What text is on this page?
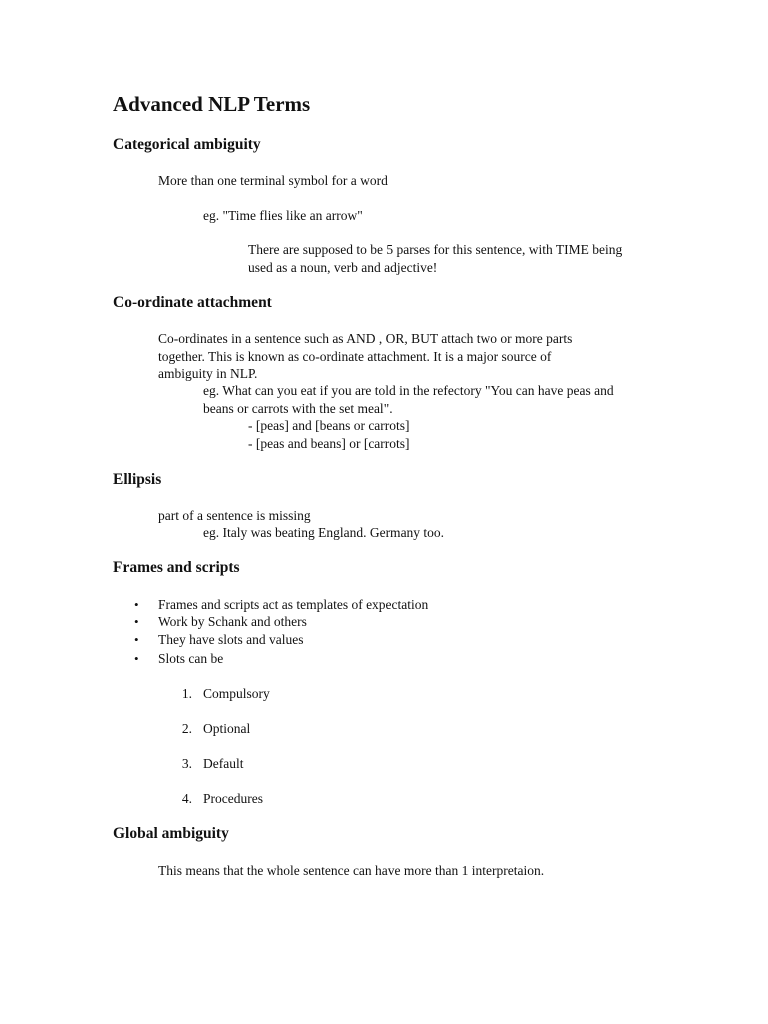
Advanced NLP Terms
Categorical ambiguity

More than one terminal symbol for a word

eg. "Time flies like an arrow"

There are supposed to be 5 parses for this sentence, with TIME being used as a noun, verb and adjective!

Co-ordinate attachment

Co-ordinates in a sentence such as AND , OR, BUT attach two or more parts together. This is known as co-ordinate attachment. It is a major source of ambiguity in NLP.

eg. What can you eat if you are told in the refectory "You can have peas and beans or carrots with the set meal".

- [peas] and [beans or carrots]

- [peas and beans] or [carrots]

Ellipsis

part of a sentence is missing

eg. Italy was beating England. Germany too.

Frames and scripts
• Frames and scripts act as templates of expectation

• Work by Schank and others

• They have slots and values

• Slots can be

1. Compulsory

2. Optional

3. Default

4. Procedures

Global ambiguity

This means that the whole sentence can have more than 1 interpretaion.
